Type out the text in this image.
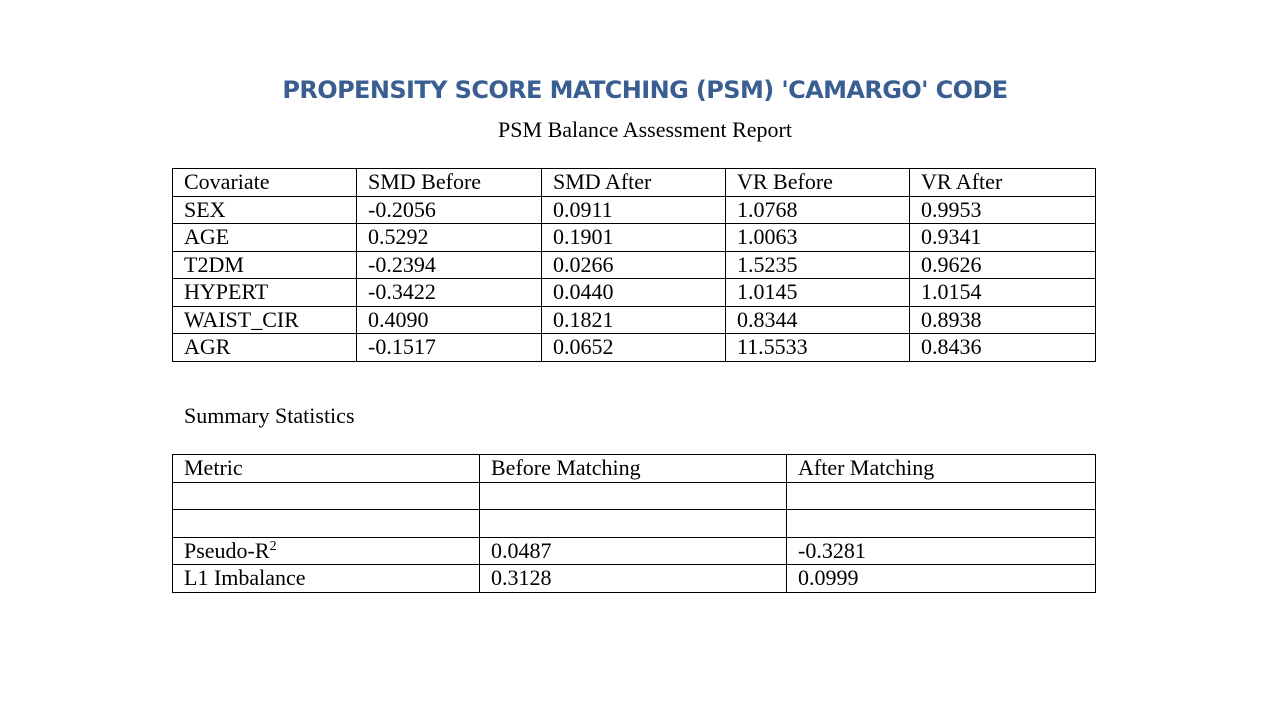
PROPENSITY SCORE MATCHING (PSM) 'CAMARGO' CODE
PSM Balance Assessment Report
Covariate	SMD Before	SMD After	VR Before	VR After
SEX	-0.2056	0.0911	1.0768	0.9953
AGE	0.5292	0.1901	1.0063	0.9341
T2DM	-0.2394	0.0266	1.5235	0.9626
HYPERT	-0.3422	0.0440	1.0145	1.0154
WAIST_CIR	0.4090	0.1821	0.8344	0.8938
AGR	-0.1517	0.0652	11.5533	0.8436
Summary Statistics
Metric	Before Matching	After Matching

Pseudo-$R^2$	0.0487	-0.3281
L1 Imbalance	0.3128	0.0999
